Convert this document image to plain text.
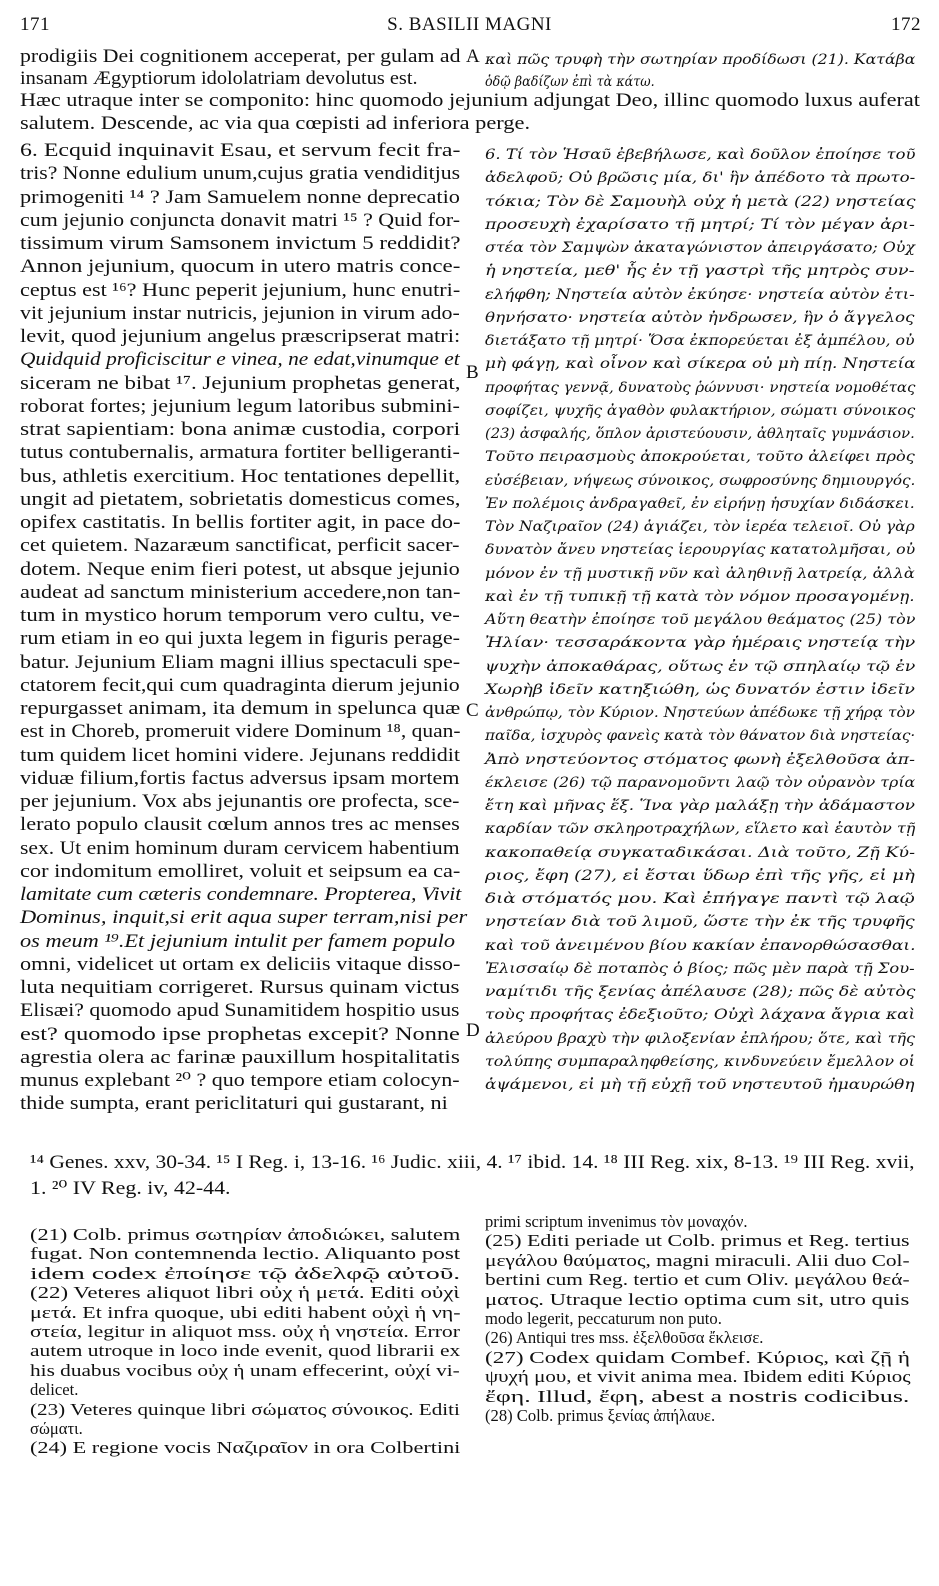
171	S. BASILII MAGNI	172
prodigiis Dei cognitionem acceperat, per gulam ad
insanam Ægyptiorum idololatriam devolutus est.
καὶ πῶς τρυφὴ τὴν σωτηρίαν προδίδωσι (21). Κατάβα
ὁδῷ βαδίζων ἐπὶ τὰ κάτω.
Hæc utraque inter se componito: hinc quomodo jejunium adjungat Deo, illinc quomodo luxus auferat
salutem. Descende, ac via qua cœpisti ad inferiora perge.
6. Ecquid inquinavit Esau, et servum fecit fra-
tris? Nonne edulium unum,cujus gratia vendiditjus
primogeniti ¹⁴ ? Jam Samuelem nonne deprecatio
cum jejunio conjuncta donavit matri ¹⁵ ? Quid for-
tissimum virum Samsonem invictum 5 reddidit?
Annon jejunium, quocum in utero matris conce-
ceptus est ¹⁶? Hunc peperit jejunium, hunc enutri-
vit jejunium instar nutricis, jejunion in virum ado-
levit, quod jejunium angelus præscripserat matri:
Quidquid proficiscitur e vinea, ne edat,vinumque et
siceram ne bibat ¹⁷. Jejunium prophetas generat,
roborat fortes; jejunium legum latoribus submini-
strat sapientiam: bona animæ custodia, corpori
tutus contubernalis, armatura fortiter belligeranti-
bus, athletis exercitium. Hoc tentationes depellit,
ungit ad pietatem, sobrietatis domesticus comes,
opifex castitatis. In bellis fortiter agit, in pace do-
cet quietem. Nazaræum sanctificat, perficit sacer-
dotem. Neque enim fieri potest, ut absque jejunio
audeat ad sanctum ministerium accedere,non tan-
tum in mystico horum temporum vero cultu, ve-
rum etiam in eo qui juxta legem in figuris perage-
batur. Jejunium Eliam magni illius spectaculi spe-
ctatorem fecit,qui cum quadraginta dierum jejunio
repurgasset animam, ita demum in spelunca quæ
est in Choreb, promeruit videre Dominum ¹⁸, quan-
tum quidem licet homini videre. Jejunans reddidit
viduæ filium,fortis factus adversus ipsam mortem
per jejunium. Vox abs jejunantis ore profecta, sce-
lerato populo clausit cœlum annos tres ac menses
sex. Ut enim hominum duram cervicem habentium
cor indomitum emolliret, voluit et seipsum ea ca-
lamitate cum cæteris condemnare. Propterea, Vivit
Dominus, inquit,si erit aqua super terram,nisi per
os meum ¹⁹.Et jejunium intulit per famem populo
omni, videlicet ut ortam ex deliciis vitaque disso-
luta nequitiam corrigeret. Rursus quinam victus
Elisæi? quomodo apud Sunamitidem hospitio usus
est? quomodo ipse prophetas excepit? Nonne
agrestia olera ac farinæ pauxillum hospitalitatis
munus explebant ²⁰ ? quo tempore etiam colocyn-
thide sumpta, erant periclitaturi qui gustarant, ni
6. Τί τὸν Ἡσαῦ ἐβεβήλωσε, καὶ δοῦλον ἐποίησε τοῦ
ἀδελφοῦ; Οὐ βρῶσις μία, δι' ἣν ἀπέδοτο τὰ πρωτο-
τόκια; Τὸν δὲ Σαμουὴλ οὐχ ἡ μετὰ (22) νηστείας
προσευχὴ ἐχαρίσατο τῇ μητρί; Τί τὸν μέγαν ἀρι-
στέα τὸν Σαμψὼν ἀκαταγώνιστον ἀπειργάσατο; Οὐχ
ἡ νηστεία, μεθ' ἧς ἐν τῇ γαστρὶ τῆς μητρὸς συν-
ελήφθη; Νηστεία αὐτὸν ἐκύησε· νηστεία αὐτὸν ἐτι-
θηνήσατο· νηστεία αὐτὸν ἠνδρωσεν, ἣν ὁ ἄγγελος
διετάξατο τῇ μητρί· Ὅσα ἐκπορεύεται ἐξ ἀμπέλου, οὐ
μὴ φάγῃ, καὶ οἶνον καὶ σίκερα οὐ μὴ πίῃ. Νηστεία
προφήτας γεννᾷ, δυνατοὺς ῥώννυσι· νηστεία νομοθέτας
σοφίζει, ψυχῆς ἀγαθὸν φυλακτήριον, σώματι σύνοικος
(23) ἀσφαλής, ὅπλον ἀριστεύουσιν, ἀθληταῖς γυμνάσιον.
Τοῦτο πειρασμοὺς ἀποκρούεται, τοῦτο ἀλείφει πρὸς
εὐσέβειαν, νήψεως σύνοικος, σωφροσύνης δημιουργός.
Ἐν πολέμοις ἀνδραγαθεῖ, ἐν εἰρήνῃ ἡσυχίαν διδάσκει.
Τὸν Ναζιραῖον (24) ἁγιάζει, τὸν ἱερέα τελειοῖ. Οὐ γὰρ
δυνατὸν ἄνευ νηστείας ἱερουργίας κατατολμῆσαι, οὐ
μόνον ἐν τῇ μυστικῇ νῦν καὶ ἀληθινῇ λατρείᾳ, ἀλλὰ
καὶ ἐν τῇ τυπικῇ τῇ κατὰ τὸν νόμον προσαγομένῃ.
Αὕτη θεατὴν ἐποίησε τοῦ μεγάλου θεάματος (25) τὸν
Ἠλίαν· τεσσαράκοντα γὰρ ἡμέραις νηστείᾳ τὴν
ψυχὴν ἀποκαθάρας, οὕτως ἐν τῷ σπηλαίῳ τῷ ἐν
Χωρὴβ ἰδεῖν κατηξιώθη, ὡς δυνατόν ἐστιν ἰδεῖν
ἀνθρώπῳ, τὸν Κύριον. Νηστεύων ἀπέδωκε τῇ χήρᾳ τὸν
παῖδα, ἰσχυρὸς φανεὶς κατὰ τὸν θάνατον διὰ νηστείας·
Ἀπὸ νηστεύοντος στόματος φωνὴ ἐξελθοῦσα ἀπ-
έκλεισε (26) τῷ παρανομοῦντι λαῷ τὸν οὐρανὸν τρία
ἔτη καὶ μῆνας ἕξ. Ἵνα γὰρ μαλάξῃ τὴν ἀδάμαστον
καρδίαν τῶν σκληροτραχήλων, εἵλετο καὶ ἑαυτὸν τῇ
κακοπαθείᾳ συγκαταδικάσαι. Διὰ τοῦτο, Ζῇ Κύ-
ριος, ἔφη (27), εἰ ἔσται ὕδωρ ἐπὶ τῆς γῆς, εἰ μὴ
διὰ στόματός μου. Καὶ ἐπήγαγε παντὶ τῷ λαῷ
νηστείαν διὰ τοῦ λιμοῦ, ὥστε τὴν ἐκ τῆς τρυφῆς
καὶ τοῦ ἀνειμένου βίου κακίαν ἐπανορθώσασθαι.
Ἐλισσαίῳ δὲ ποταπὸς ὁ βίος; πῶς μὲν παρὰ τῇ Σου-
ναμίτιδι τῆς ξενίας ἀπέλαυσε (28); πῶς δὲ αὐτὸς
τοὺς προφήτας ἐδεξιοῦτο; Οὐχὶ λάχανα ἄγρια καὶ
ἀλεύρου βραχὺ τὴν φιλοξενίαν ἐπλήρου; ὅτε, καὶ τῆς
τολύπης συμπαραληφθείσης, κινδυνεύειν ἔμελλον οἱ
ἁψάμενοι, εἰ μὴ τῇ εὐχῇ τοῦ νηστευτοῦ ἠμαυρώθη
A
B
C
D
¹⁴ Genes. xxv, 30-34. ¹⁵ I Reg. i, 13-16. ¹⁶ Judic. xiii, 4. ¹⁷ ibid. 14. ¹⁸ III Reg. xix, 8-13. ¹⁹ III Reg. xvii,
1. ²⁰ IV Reg. iv, 42-44.
(21) Colb. primus σωτηρίαν ἀποδιώκει, salutem
fugat. Non contemnenda lectio. Aliquanto post
idem codex ἐποίησε τῷ ἀδελφῷ αὐτοῦ.
(22) Veteres aliquot libri οὐχ ἡ μετά. Editi οὐχὶ
μετά. Et infra quoque, ubi editi habent οὐχὶ ἡ νη-
στεία, legitur in aliquot mss. οὐχ ἡ νηστεία. Error
autem utroque in loco inde evenit, quod librarii ex
his duabus vocibus οὐχ ἡ unam effecerint, οὐχί vi-
delicet.
(23) Veteres quinque libri σώματος σύνοικος. Editi
σώματι.
(24) E regione vocis Ναζιραῖον in ora Colbertini
primi scriptum invenimus τὸν μοναχόν.
(25) Editi periade ut Colb. primus et Reg. tertius
μεγάλου θαύματος, magni miraculi. Alii duo Col-
bertini cum Reg. tertio et cum Oliv. μεγάλου θεά-
ματος. Utraque lectio optima cum sit, utro quis
modo legerit, peccaturum non puto.
(26) Antiqui tres mss. ἐξελθοῦσα ἔκλεισε.
(27) Codex quidam Combef. Κύριος, καὶ ζῇ ἡ
ψυχή μου, et vivit anima mea. Ibidem editi Κύριος
ἔφη. Illud, ἔφη, abest a nostris codicibus.
(28) Colb. primus ξενίας ἀπήλαυε.
